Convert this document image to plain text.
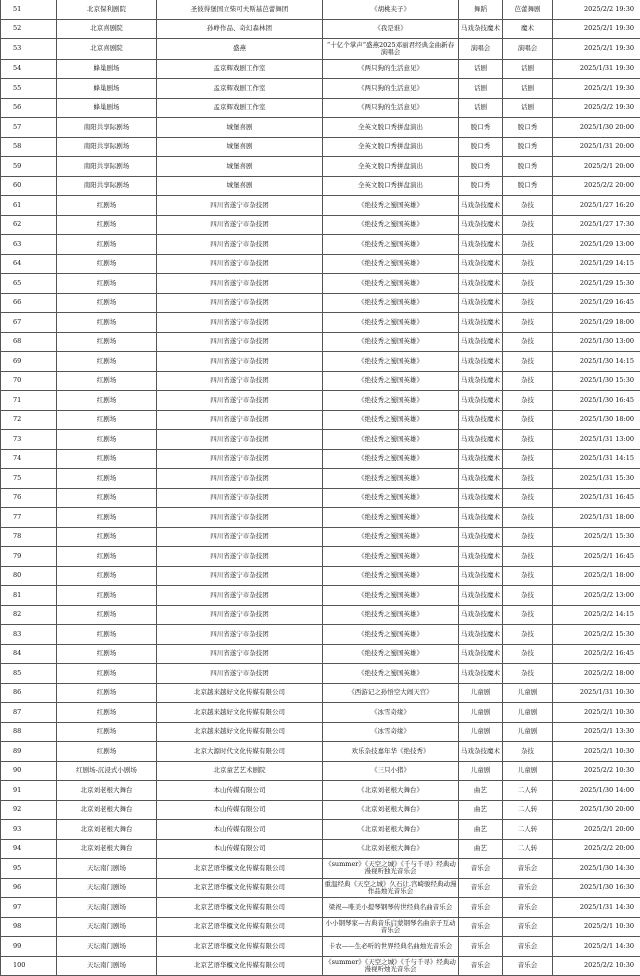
51	北京保利剧院	圣彼得堡国立柴可夫斯基芭蕾舞团	《胡桃夹子》	舞蹈	芭蕾舞剧	2025/2/2 19:30
52	北京喜剧院	孙峥作品、奇幻森林团	《我是谁》	马戏杂技魔术	魔术	2025/2/1 19:30
53	北京喜剧院	盛燕	“十亿个掌声”盛燕2025邓丽君经典金曲新春演唱会	演唱会	演唱会	2025/2/1 19:30
54	蜂巢剧场	孟京辉戏剧工作室	《两只狗的生活意见》	话剧	话剧	2025/1/31 19:30
55	蜂巢剧场	孟京辉戏剧工作室	《两只狗的生活意见》	话剧	话剧	2025/2/1 19:30
56	蜂巢剧场	孟京辉戏剧工作室	《两只狗的生活意见》	话剧	话剧	2025/2/2 19:30
57	南阳共享际剧场	城堡喜剧	全英文脱口秀拼盘演出	脱口秀	脱口秀	2025/1/30 20:00
58	南阳共享际剧场	城堡喜剧	全英文脱口秀拼盘演出	脱口秀	脱口秀	2025/1/31 20:00
59	南阳共享际剧场	城堡喜剧	全英文脱口秀拼盘演出	脱口秀	脱口秀	2025/2/1 20:00
60	南阳共享际剧场	城堡喜剧	全英文脱口秀拼盘演出	脱口秀	脱口秀	2025/2/2 20:00
61	红剧场	四川省遂宁市杂技团	《绝技秀之蜀国英雄》	马戏杂技魔术	杂技	2025/1/27 16:20
62	红剧场	四川省遂宁市杂技团	《绝技秀之蜀国英雄》	马戏杂技魔术	杂技	2025/1/27 17:30
63	红剧场	四川省遂宁市杂技团	《绝技秀之蜀国英雄》	马戏杂技魔术	杂技	2025/1/29 13:00
64	红剧场	四川省遂宁市杂技团	《绝技秀之蜀国英雄》	马戏杂技魔术	杂技	2025/1/29 14:15
65	红剧场	四川省遂宁市杂技团	《绝技秀之蜀国英雄》	马戏杂技魔术	杂技	2025/1/29 15:30
66	红剧场	四川省遂宁市杂技团	《绝技秀之蜀国英雄》	马戏杂技魔术	杂技	2025/1/29 16:45
67	红剧场	四川省遂宁市杂技团	《绝技秀之蜀国英雄》	马戏杂技魔术	杂技	2025/1/29 18:00
68	红剧场	四川省遂宁市杂技团	《绝技秀之蜀国英雄》	马戏杂技魔术	杂技	2025/1/30 13:00
69	红剧场	四川省遂宁市杂技团	《绝技秀之蜀国英雄》	马戏杂技魔术	杂技	2025/1/30 14:15
70	红剧场	四川省遂宁市杂技团	《绝技秀之蜀国英雄》	马戏杂技魔术	杂技	2025/1/30 15:30
71	红剧场	四川省遂宁市杂技团	《绝技秀之蜀国英雄》	马戏杂技魔术	杂技	2025/1/30 16:45
72	红剧场	四川省遂宁市杂技团	《绝技秀之蜀国英雄》	马戏杂技魔术	杂技	2025/1/30 18:00
73	红剧场	四川省遂宁市杂技团	《绝技秀之蜀国英雄》	马戏杂技魔术	杂技	2025/1/31 13:00
74	红剧场	四川省遂宁市杂技团	《绝技秀之蜀国英雄》	马戏杂技魔术	杂技	2025/1/31 14:15
75	红剧场	四川省遂宁市杂技团	《绝技秀之蜀国英雄》	马戏杂技魔术	杂技	2025/1/31 15:30
76	红剧场	四川省遂宁市杂技团	《绝技秀之蜀国英雄》	马戏杂技魔术	杂技	2025/1/31 16:45
77	红剧场	四川省遂宁市杂技团	《绝技秀之蜀国英雄》	马戏杂技魔术	杂技	2025/1/31 18:00
78	红剧场	四川省遂宁市杂技团	《绝技秀之蜀国英雄》	马戏杂技魔术	杂技	2025/2/1 15:30
79	红剧场	四川省遂宁市杂技团	《绝技秀之蜀国英雄》	马戏杂技魔术	杂技	2025/2/1 16:45
80	红剧场	四川省遂宁市杂技团	《绝技秀之蜀国英雄》	马戏杂技魔术	杂技	2025/2/1 18:00
81	红剧场	四川省遂宁市杂技团	《绝技秀之蜀国英雄》	马戏杂技魔术	杂技	2025/2/2 13:00
82	红剧场	四川省遂宁市杂技团	《绝技秀之蜀国英雄》	马戏杂技魔术	杂技	2025/2/2 14:15
83	红剧场	四川省遂宁市杂技团	《绝技秀之蜀国英雄》	马戏杂技魔术	杂技	2025/2/2 15:30
84	红剧场	四川省遂宁市杂技团	《绝技秀之蜀国英雄》	马戏杂技魔术	杂技	2025/2/2 16:45
85	红剧场	四川省遂宁市杂技团	《绝技秀之蜀国英雄》	马戏杂技魔术	杂技	2025/2/2 18:00
86	红剧场	北京越来越好文化传媒有限公司	《西游记之孙悟空大闹天宫》	儿童剧	儿童剧	2025/1/31 10:30
87	红剧场	北京越来越好文化传媒有限公司	《冰雪奇缘》	儿童剧	儿童剧	2025/2/1 10:30
88	红剧场	北京越来越好文化传媒有限公司	《冰雪奇缘》	儿童剧	儿童剧	2025/2/1 13:30
89	红剧场	北京大源时代文化传媒有限公司	欢乐杂技嘉年华《绝技秀》	马戏杂技魔术	杂技	2025/2/1 10:30
90	红剧场-沉浸式小剧场	北京童艺艺术剧院	《三只小猪》	儿童剧	儿童剧	2025/2/2 10:30
91	北京刘老根大舞台	本山传媒有限公司	《北京刘老根大舞台》	曲艺	二人转	2025/1/30 14:00
92	北京刘老根大舞台	本山传媒有限公司	《北京刘老根大舞台》	曲艺	二人转	2025/1/30 20:00
93	北京刘老根大舞台	本山传媒有限公司	《北京刘老根大舞台》	曲艺	二人转	2025/2/1 20:00
94	北京刘老根大舞台	本山传媒有限公司	《北京刘老根大舞台》	曲艺	二人转	2025/2/2 20:00
95	天坛南门剧场	北京艺语华櫃文化传媒有限公司	《summer》《天空之城》《千与千寻》经典动漫视听独光音乐会	音乐会	音乐会	2025/1/30 14:30
96	天坛南门剧场	北京艺语华櫃文化传媒有限公司	重温经典《天空之城》久石让.宫崎骏经典动漫作品烛光音乐会	音乐会	音乐会	2025/1/30 16:30
97	天坛南门剧场	北京艺语华櫃文化传媒有限公司	梁祝—唯美小提琴钢琴传世经典名曲音乐会	音乐会	音乐会	2025/1/31 14:30
98	天坛南门剧场	北京艺语华櫃文化传媒有限公司	小小钢琴家—古典音乐启蒙钢琴名曲亲子互动音乐会	音乐会	音乐会	2025/2/1 10:30
99	天坛南门剧场	北京艺语华櫃文化传媒有限公司	卡农——生必听的世界经典名曲烛光音乐会	音乐会	音乐会	2025/2/1 14:30
100	天坛南门剧场	北京艺语华櫃文化传媒有限公司	《summer》《天空之城》《千与千寻》经典动漫视听烛光音乐会	音乐会	音乐会	2025/2/2 10:30
